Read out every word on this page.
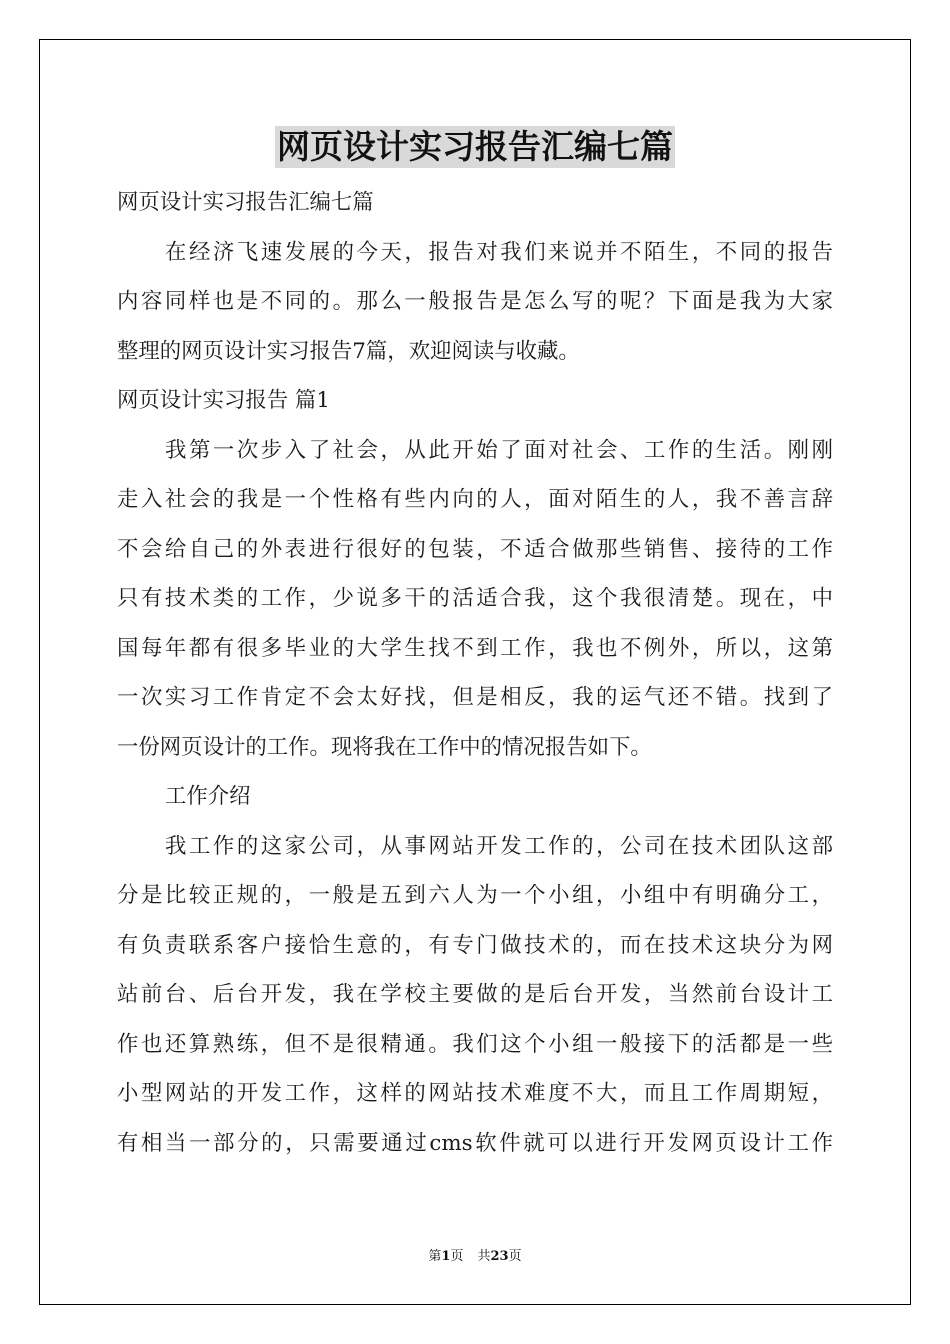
网页设计实习报告汇编七篇
网页设计实习报告汇编七篇
在经济飞速发展的今天，报告对我们来说并不陌生，不同的报告
内容同样也是不同的。那么一般报告是怎么写的呢？下面是我为大家
整理的网页设计实习报告7篇，欢迎阅读与收藏。
网页设计实习报告 篇1
我第一次步入了社会，从此开始了面对社会、工作的生活。刚刚
走入社会的我是一个性格有些内向的人，面对陌生的人，我不善言辞
不会给自己的外表进行很好的包装，不适合做那些销售、接待的工作
只有技术类的工作，少说多干的活适合我，这个我很清楚。现在，中
国每年都有很多毕业的大学生找不到工作，我也不例外，所以，这第
一次实习工作肯定不会太好找，但是相反，我的运气还不错。找到了
一份网页设计的工作。现将我在工作中的情况报告如下。
工作介绍
我工作的这家公司，从事网站开发工作的，公司在技术团队这部
分是比较正规的，一般是五到六人为一个小组，小组中有明确分工，
有负责联系客户接恰生意的，有专门做技术的，而在技术这块分为网
站前台、后台开发，我在学校主要做的是后台开发，当然前台设计工
作也还算熟练，但不是很精通。我们这个小组一般接下的活都是一些
小型网站的开发工作，这样的网站技术难度不大，而且工作周期短，
有相当一部分的，只需要通过cms软件就可以进行开发网页设计工作
第1页 共23页
